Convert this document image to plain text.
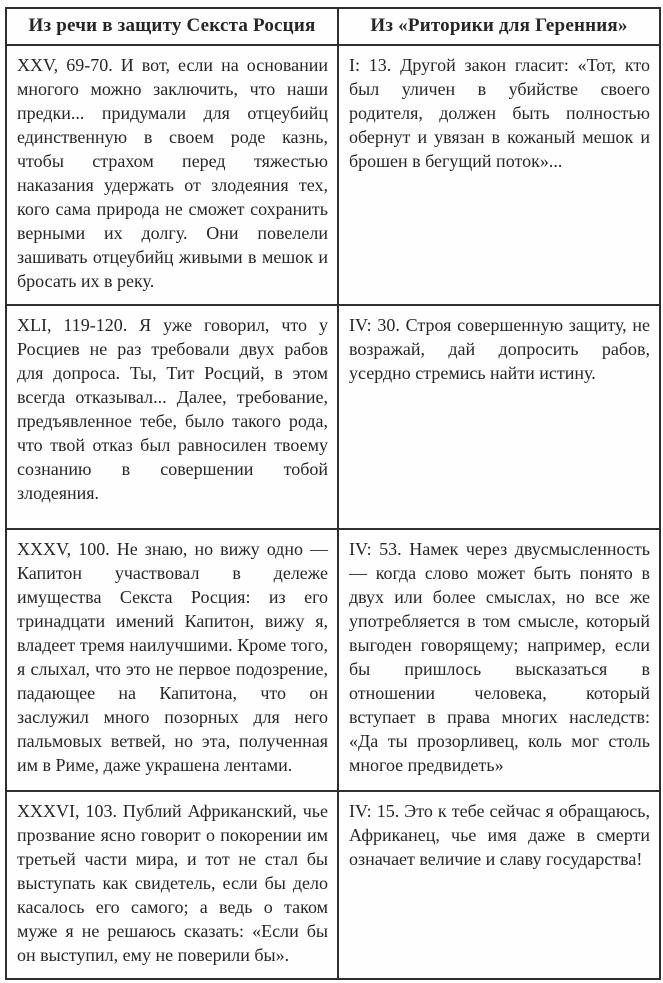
Из речи в защиту Секста Росция	Из «Риторики для Геренния»
XXV, 69-70. И вот, если на основании многого можно заключить, что наши предки... придумали для отцеубийц единственную в своем роде казнь, чтобы страхом перед тяжестью наказания удержать от злодеяния тех, кого сама природа не сможет сохранить верными их долгу. Они повелели зашивать отцеубийц живыми в мешок и бросать их в реку.	I: 13. Другой закон гласит: «Тот, кто был уличен в убийстве своего родителя, должен быть полностью обернут и увязан в кожаный мешок и брошен в бегущий поток»...
XLI, 119-120. Я уже говорил, что у Росциев не раз требовали двух рабов для допроса. Ты, Тит Росций, в этом всегда отказывал... Далее, требование, предъявленное тебе, было такого рода, что твой отказ был равносилен твоему сознанию в совершении тобой злодеяния.	IV: 30. Строя совершенную защиту, не возражай, дай допросить рабов, усердно стремись найти истину.
XXXV, 100. Не знаю, но вижу одно — Капитон участвовал в дележе имущества Секста Росция: из его тринадцати имений Капитон, вижу я, владеет тремя наилучшими. Кроме того, я слыхал, что это не первое подозрение, падающее на Капитона, что он заслужил много позорных для него пальмовых ветвей, но эта, полученная им в Риме, даже украшена лентами.	IV: 53. Намек через двусмысленность — когда слово может быть понято в двух или более смыслах, но все же употребляется в том смысле, который выгоден говорящему; например, если бы пришлось высказаться в отношении человека, который вступает в права многих наследств: «Да ты прозорливец, коль мог столь многое предвидеть»
XXXVI, 103. Публий Африканский, чье прозвание ясно говорит о покорении им третьей части мира, и тот не стал бы выступать как свидетель, если бы дело касалось его самого; а ведь о таком муже я не решаюсь сказать: «Если бы он выступил, ему не поверили бы».	IV: 15. Это к тебе сейчас я обращаюсь, Африканец, чье имя даже в смерти означает величие и славу государства!
